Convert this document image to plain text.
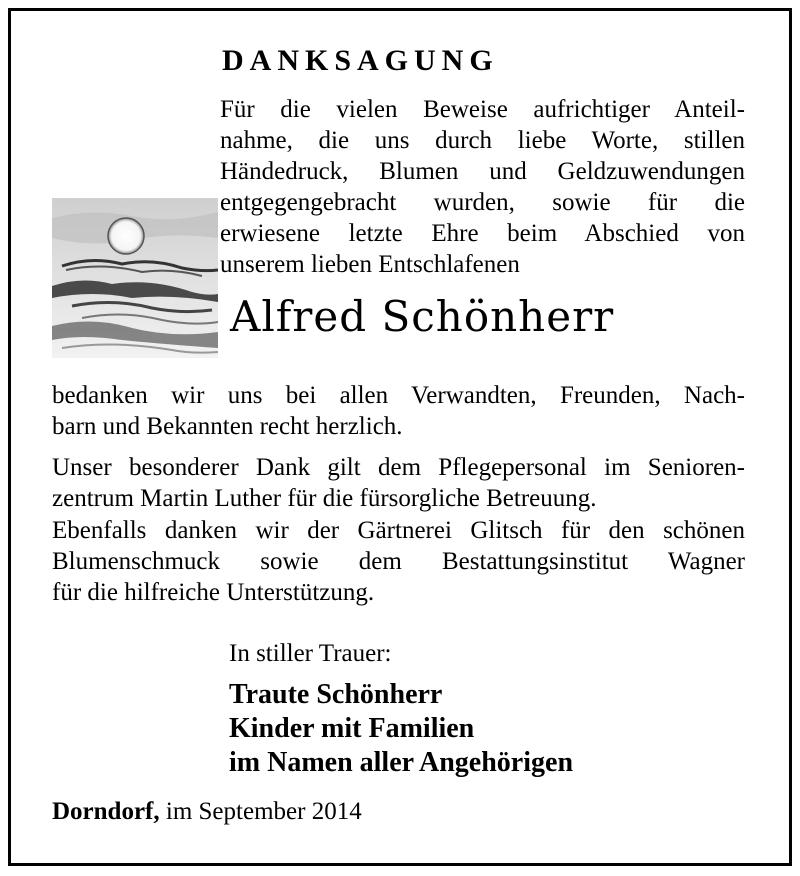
DANKSAGUNG
Für die vielen Beweise aufrichtiger Anteil-
nahme, die uns durch liebe Worte, stillen
Händedruck, Blumen und Geldzuwendungen
entgegengebracht wurden, sowie für die
erwiesene letzte Ehre beim Abschied von
unserem lieben Entschlafenen
Alfred Schönherr
bedanken wir uns bei allen Verwandten, Freunden, Nach-
barn und Bekannten recht herzlich.
Unser besonderer Dank gilt dem Pflegepersonal im Senioren-
zentrum Martin Luther für die fürsorgliche Betreuung.
Ebenfalls danken wir der Gärtnerei Glitsch für den schönen
Blumenschmuck sowie dem Bestattungsinstitut Wagner
für die hilfreiche Unterstützung.
In stiller Trauer:
Traute Schönherr
Kinder mit Familien
im Namen aller Angehörigen
Dorndorf, im September 2014
